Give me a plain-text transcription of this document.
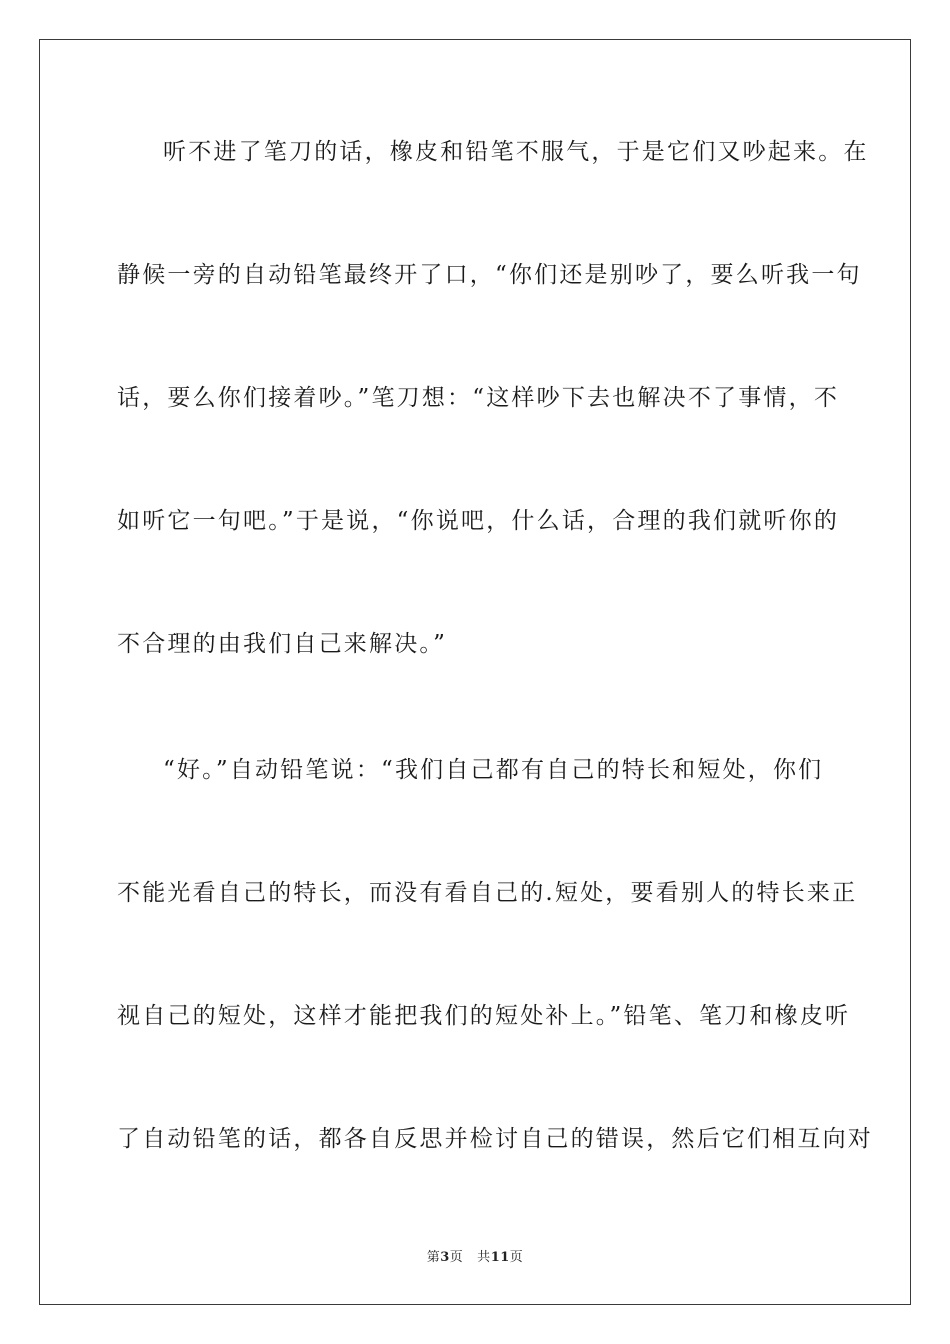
听不进了笔刀的话，橡皮和铅笔不服气，于是它们又吵起来。在
静候一旁的自动铅笔最终开了口，“你们还是别吵了，要么听我一句
话，要么你们接着吵。”笔刀想：“这样吵下去也解决不了事情，不
如听它一句吧。”于是说，“你说吧，什么话，合理的我们就听你的
不合理的由我们自己来解决。”
“好。”自动铅笔说：“我们自己都有自己的特长和短处，你们
不能光看自己的特长，而没有看自己的.短处，要看别人的特长来正
视自己的短处，这样才能把我们的短处补上。”铅笔、笔刀和橡皮听
了自动铅笔的话，都各自反思并检讨自己的错误，然后它们相互向对
第3页 共11页
